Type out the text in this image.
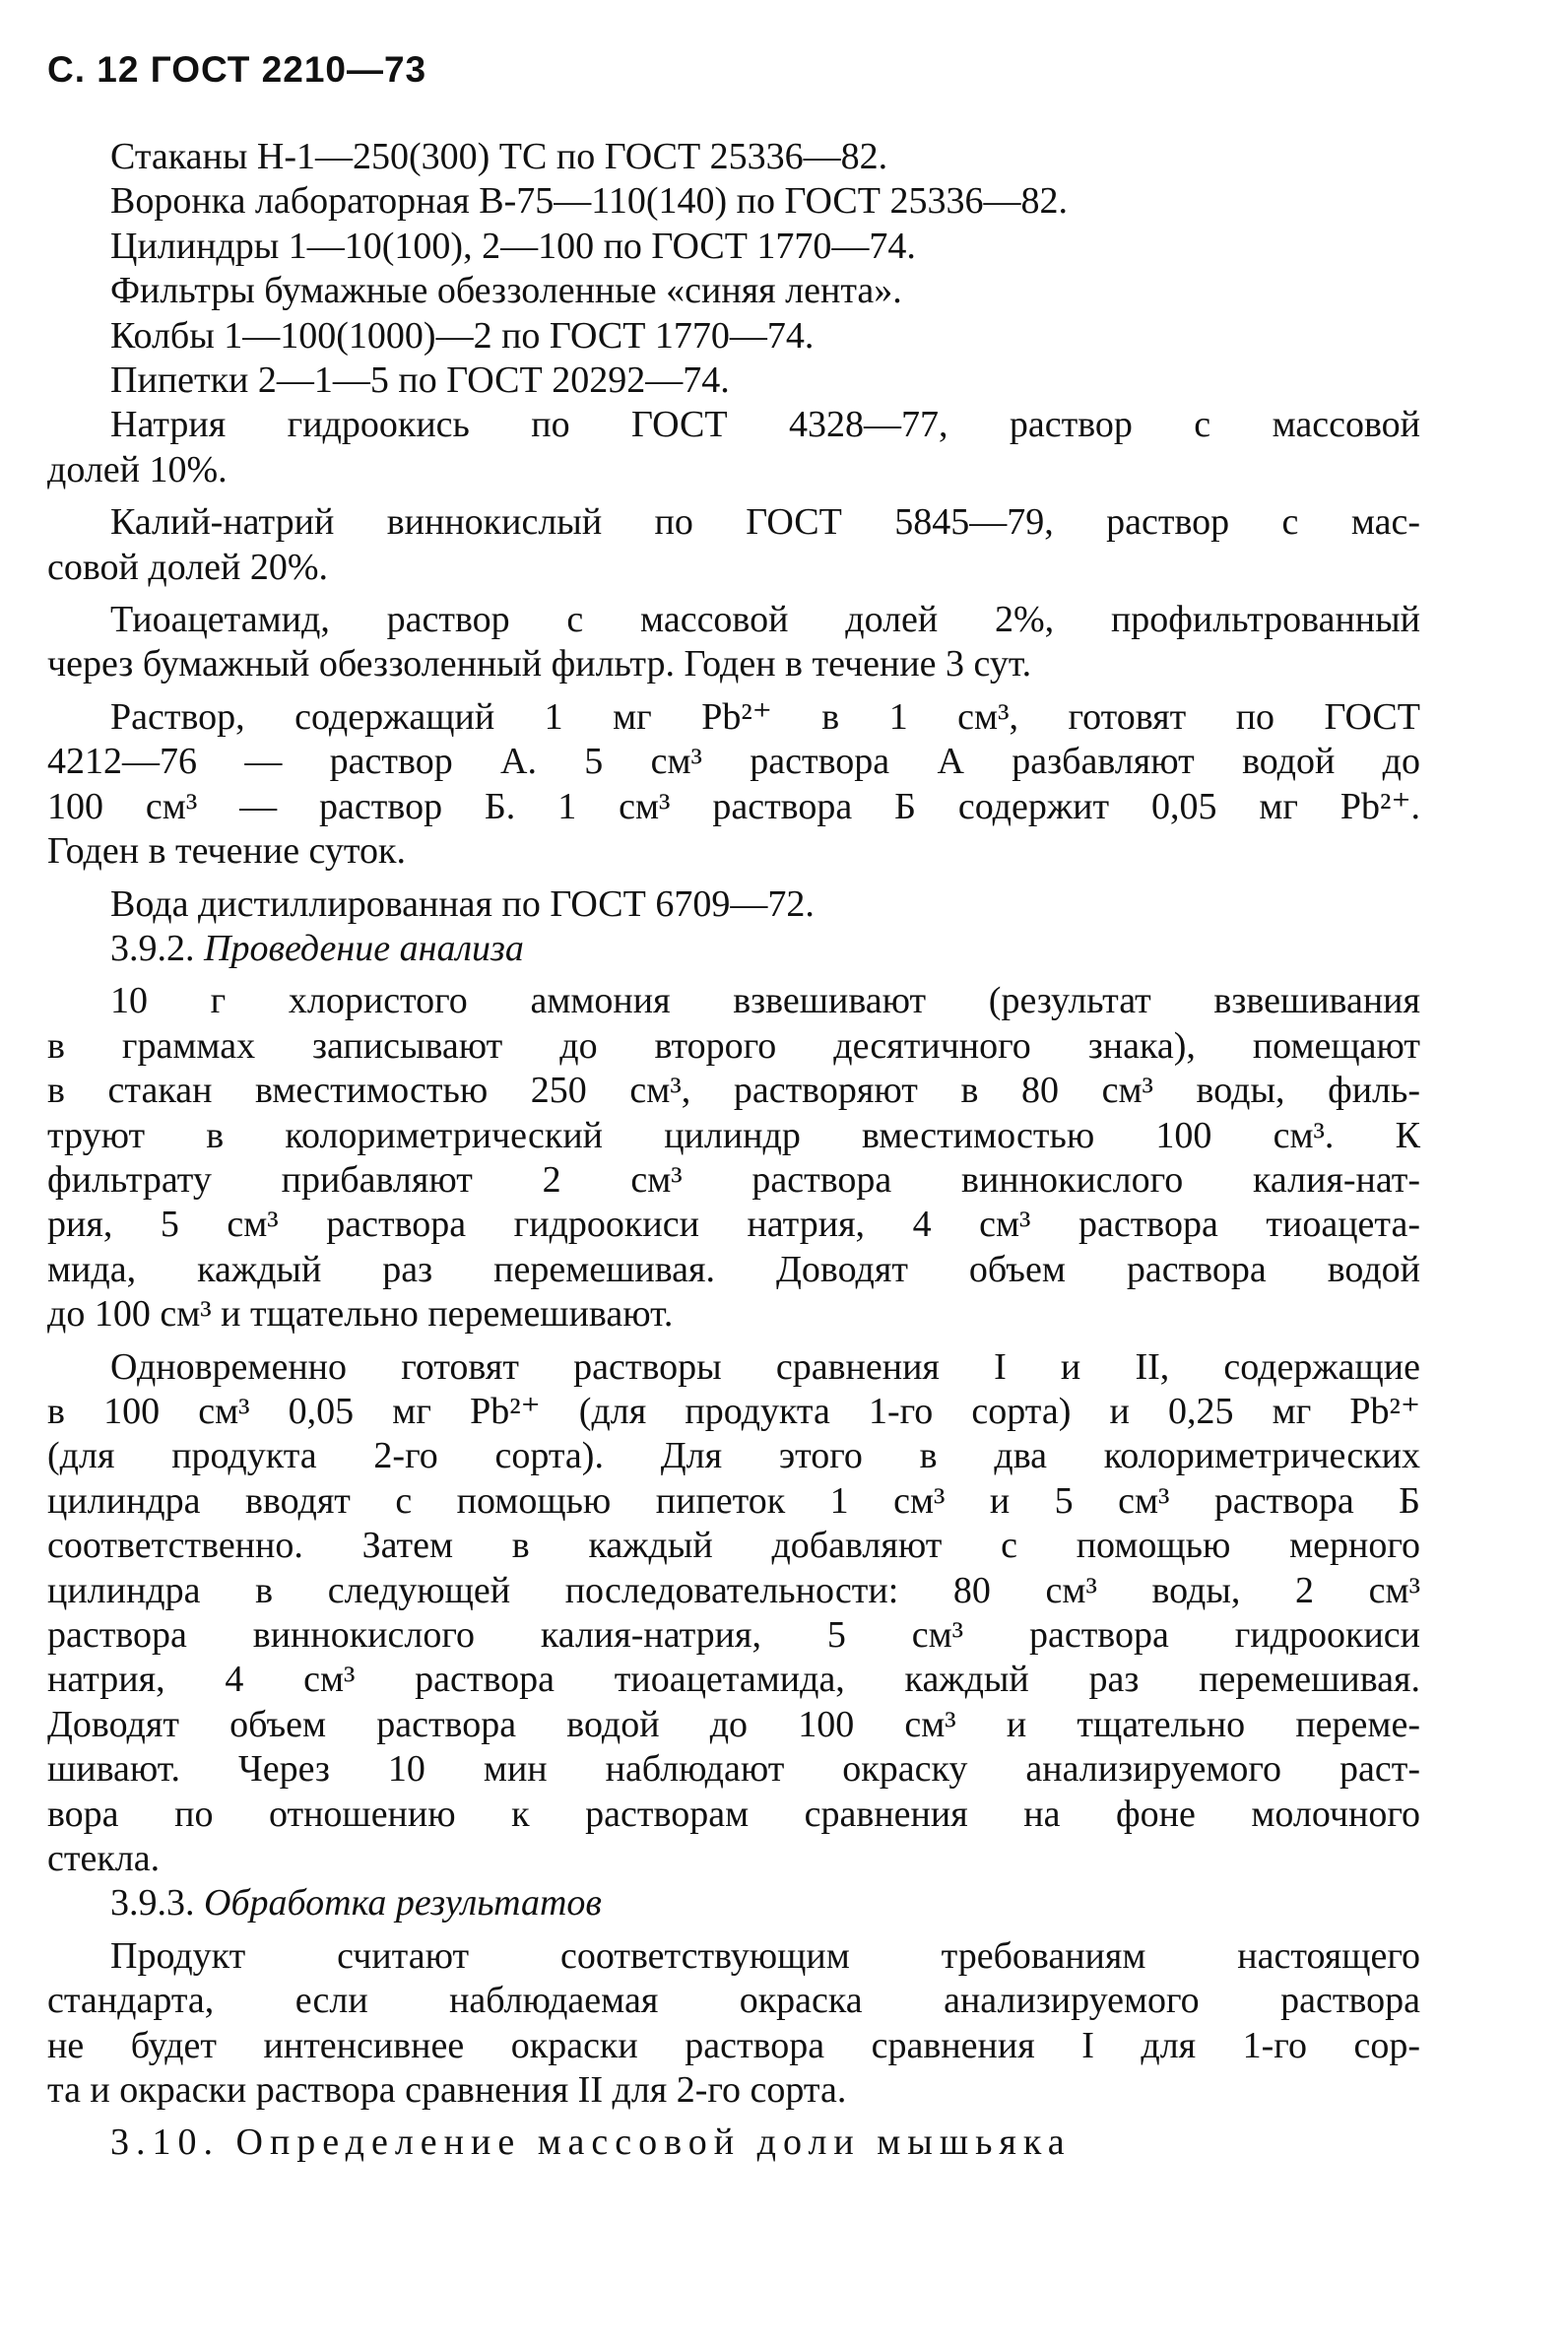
С. 12 ГОСТ 2210—73
Стаканы Н-1—250(300) ТС по ГОСТ 25336—82.
Воронка лабораторная В-75—110(140) по ГОСТ 25336—82.
Цилиндры 1—10(100), 2—100 по ГОСТ 1770—74.
Фильтры бумажные обеззоленные «синяя лента».
Колбы 1—100(1000)—2 по ГОСТ 1770—74.
Пипетки 2—1—5 по ГОСТ 20292—74.
Натрия гидроокись по ГОСТ 4328—77, раствор с массовой
долей 10%.
Калий-натрий виннокислый по ГОСТ 5845—79, раствор с мас-
совой долей 20%.
Тиоацетамид, раствор с массовой долей 2%, профильтрованный
через бумажный обеззоленный фильтр. Годен в течение 3 сут.
Раствор, содержащий 1 мг Pb²⁺ в 1 см³, готовят по ГОСТ
4212—76 — раствор А. 5 см³ раствора А разбавляют водой до
100 см³ — раствор Б. 1 см³ раствора Б содержит 0,05 мг Pb²⁺.
Годен в течение суток.
Вода дистиллированная по ГОСТ 6709—72.
3.9.2. Проведение анализа
10 г хлористого аммония взвешивают (результат взвешивания
в граммах записывают до второго десятичного знака), помещают
в стакан вместимостью 250 см³, растворяют в 80 см³ воды, филь-
труют в колориметрический цилиндр вместимостью 100 см³. К
фильтрату прибавляют 2 см³ раствора виннокислого калия-нат-
рия, 5 см³ раствора гидроокиси натрия, 4 см³ раствора тиоацета-
мида, каждый раз перемешивая. Доводят объем раствора водой
до 100 см³ и тщательно перемешивают.
Одновременно готовят растворы сравнения I и II, содержащие
в 100 см³ 0,05 мг Pb²⁺ (для продукта 1-го сорта) и 0,25 мг Pb²⁺
(для продукта 2-го сорта). Для этого в два колориметрических
цилиндра вводят с помощью пипеток 1 см³ и 5 см³ раствора Б
соответственно. Затем в каждый добавляют с помощью мерного
цилиндра в следующей последовательности: 80 см³ воды, 2 см³
раствора виннокислого калия-натрия, 5 см³ раствора гидроокиси
натрия, 4 см³ раствора тиоацетамида, каждый раз перемешивая.
Доводят объем раствора водой до 100 см³ и тщательно переме-
шивают. Через 10 мин наблюдают окраску анализируемого раст-
вора по отношению к растворам сравнения на фоне молочного
стекла.
3.9.3. Обработка результатов
Продукт считают соответствующим требованиям настоящего
стандарта, если наблюдаемая окраска анализируемого раствора
не будет интенсивнее окраски раствора сравнения I для 1-го сор-
та и окраски раствора сравнения II для 2-го сорта.
3.10. Определение массовой доли мышьяка
